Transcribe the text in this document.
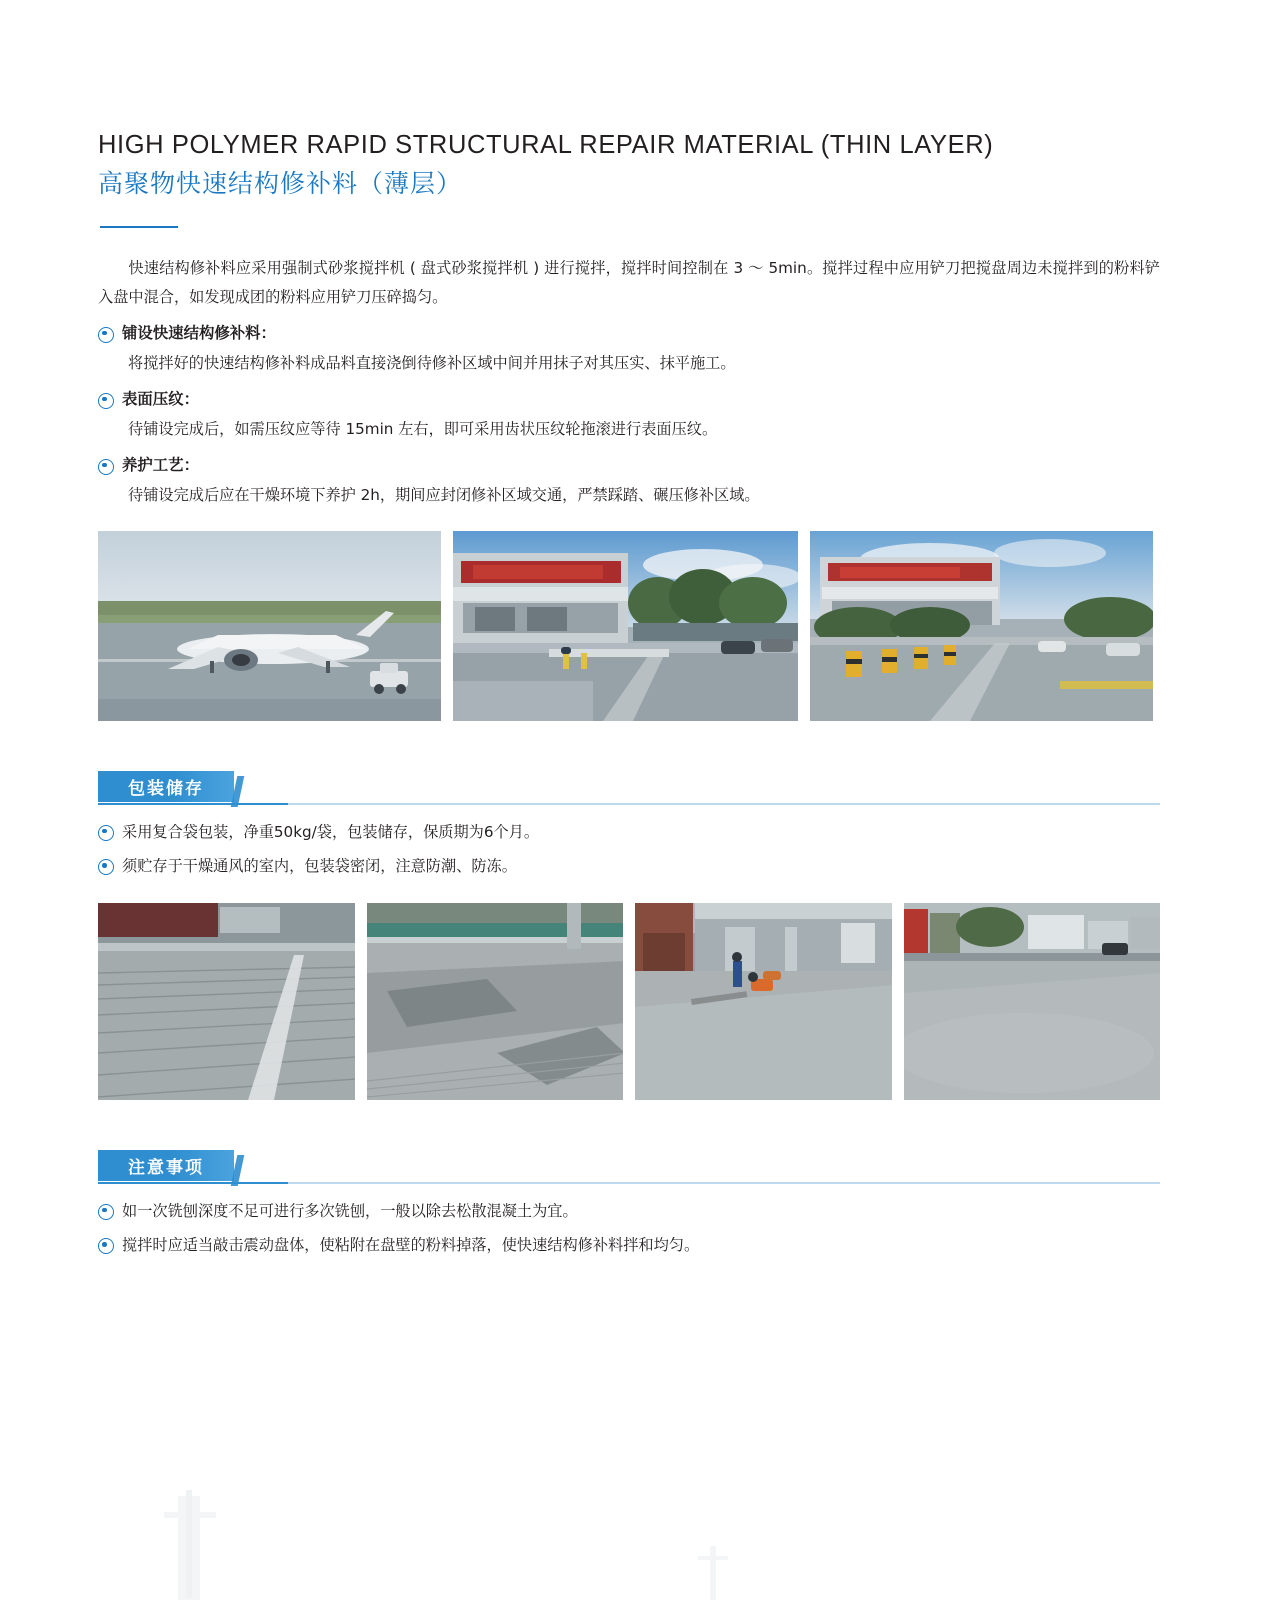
HIGH POLYMER RAPID STRUCTURAL REPAIR MATERIAL (THIN LAYER)
高聚物快速结构修补料（薄层）

快速结构修补料应采用强制式砂浆搅拌机 ( 盘式砂浆搅拌机 ) 进行搅拌，搅拌时间控制在 3 ～ 5min。搅拌过程中应用铲刀把搅盘周边未搅拌到的粉料铲入盘中混合，如发现成团的粉料应用铲刀压碎捣匀。

铺设快速结构修补料：
将搅拌好的快速结构修补料成品料直接浇倒待修补区域中间并用抹子对其压实、抹平施工。
表面压纹：
待铺设完成后，如需压纹应等待 15min 左右，即可采用齿状压纹轮拖滚进行表面压纹。
养护工艺：
待铺设完成后应在干燥环境下养护 2h，期间应封闭修补区域交通，严禁踩踏、碾压修补区域。
包装储存
采用复合袋包装，净重50kg/袋，包装储存，保质期为6个月。
须贮存于干燥通风的室内，包装袋密闭，注意防潮、防冻。
注意事项
如一次铣刨深度不足可进行多次铣刨，一般以除去松散混凝土为宜。
搅拌时应适当敲击震动盘体，使粘附在盘壁的粉料掉落，使快速结构修补料拌和均匀。
